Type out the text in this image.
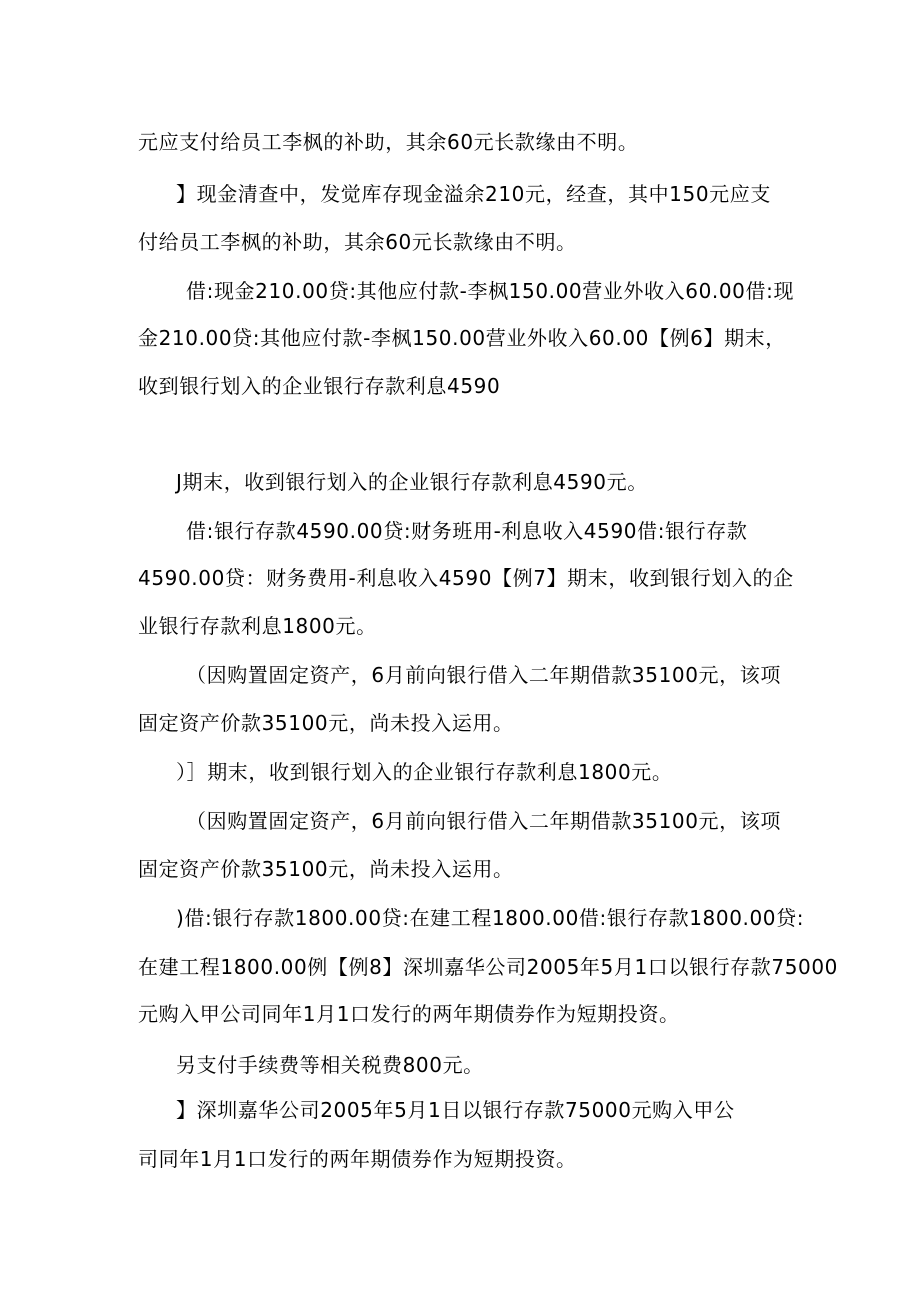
元应支付给员工李枫的补助，其余60元长款缘由不明。

】现金清查中，发觉库存现金溢余210元，经查，其中150元应支

付给员工李枫的补助，其余60元长款缘由不明。

借:现金210.00贷:其他应付款-李枫150.00营业外收入60.00借:现

金210.00贷:其他应付款-李枫150.00营业外收入60.00【例6】期末，

收到银行划入的企业银行存款利息4590

J期末，收到银行划入的企业银行存款利息4590元。

借:银行存款4590.00贷:财务班用-利息收入4590借:银行存款

4590.00贷：财务费用-利息收入4590【例7】期末，收到银行划入的企

业银行存款利息1800元。

（因购置固定资产，6月前向银行借入二年期借款35100元，该项

固定资产价款35100元，尚未投入运用。

）］期末，收到银行划入的企业银行存款利息1800元。

（因购置固定资产，6月前向银行借入二年期借款35100元，该项

固定资产价款35100元，尚未投入运用。

)借:银行存款1800.00贷:在建工程1800.00借:银行存款1800.00贷:

在建工程1800.00例【例8】深圳嘉华公司2005年5月1口以银行存款75000

元购入甲公司同年1月1口发行的两年期债券作为短期投资。

另支付手续费等相关税费800元。

】深圳嘉华公司2005年5月1日以银行存款75000元购入甲公

司同年1月1口发行的两年期债券作为短期投资。
